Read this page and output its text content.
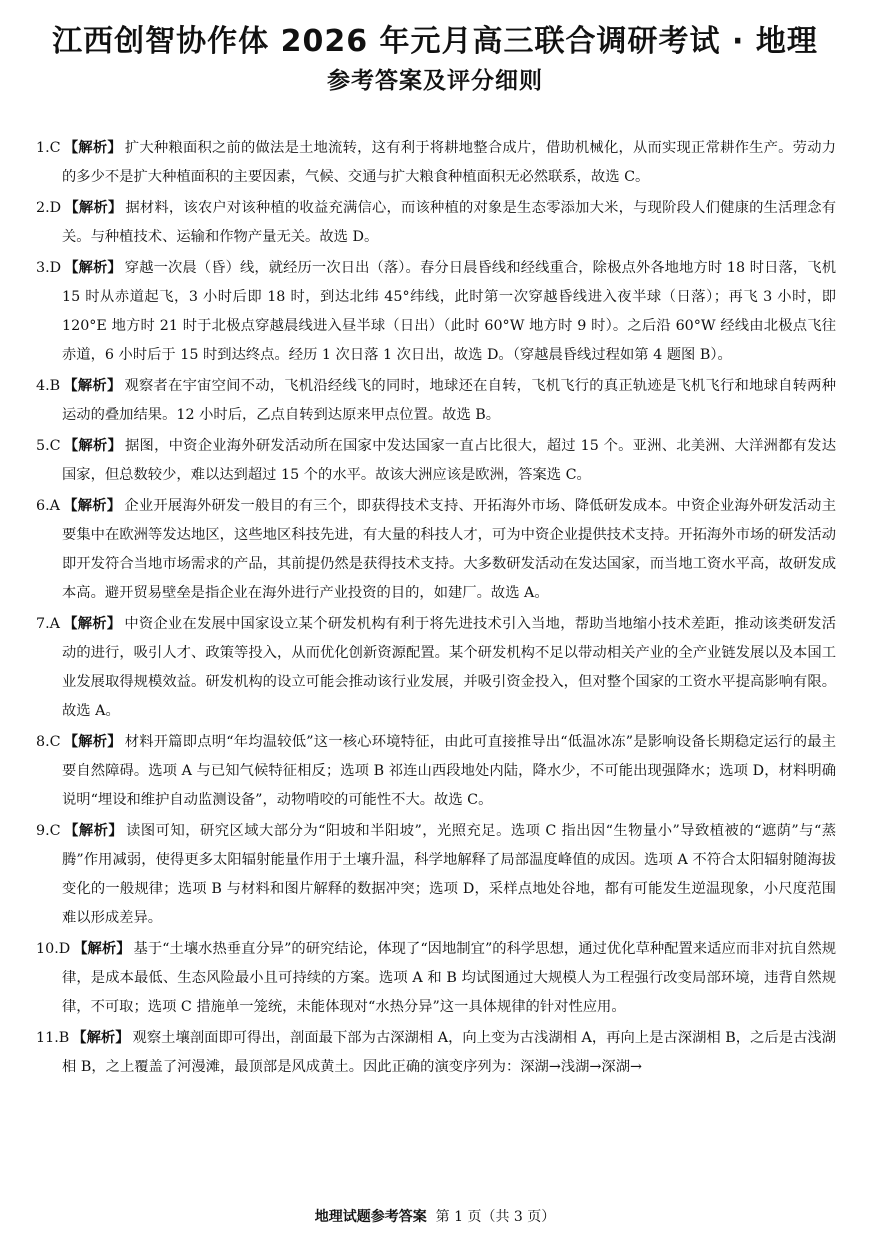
江西创智协作体 2026 年元月高三联合调研考试 · 地理
参考答案及评分细则
1.C 【解析】 扩大种粮面积之前的做法是土地流转，这有利于将耕地整合成片，借助机械化，从而实现正常耕作生产。劳动力的多少不是扩大种植面积的主要因素，气候、交通与扩大粮食种植面积无必然联系，故选 C。
2.D 【解析】 据材料，该农户对该种植的收益充满信心，而该种植的对象是生态零添加大米，与现阶段人们健康的生活理念有关。与种植技术、运输和作物产量无关。故选 D。
3.D 【解析】 穿越一次晨（昏）线，就经历一次日出（落）。春分日晨昏线和经线重合，除极点外各地地方时 18 时日落，飞机 15 时从赤道起飞，3 小时后即 18 时，到达北纬 45°纬线，此时第一次穿越昏线进入夜半球（日落）；再飞 3 小时，即 120°E 地方时 21 时于北极点穿越晨线进入昼半球（日出）（此时 60°W 地方时 9 时）。之后沿 60°W 经线由北极点飞往赤道，6 小时后于 15 时到达终点。经历 1 次日落 1 次日出，故选 D。（穿越晨昏线过程如第 4 题图 B）。
4.B 【解析】 观察者在宇宙空间不动，飞机沿经线飞的同时，地球还在自转，飞机飞行的真正轨迹是飞机飞行和地球自转两种运动的叠加结果。12 小时后，乙点自转到达原来甲点位置。故选 B。
5.C 【解析】 据图，中资企业海外研发活动所在国家中发达国家一直占比很大，超过 15 个。亚洲、北美洲、大洋洲都有发达国家，但总数较少，难以达到超过 15 个的水平。故该大洲应该是欧洲，答案选 C。
6.A 【解析】 企业开展海外研发一般目的有三个，即获得技术支持、开拓海外市场、降低研发成本。中资企业海外研发活动主要集中在欧洲等发达地区，这些地区科技先进，有大量的科技人才，可为中资企业提供技术支持。开拓海外市场的研发活动即开发符合当地市场需求的产品，其前提仍然是获得技术支持。大多数研发活动在发达国家，而当地工资水平高，故研发成本高。避开贸易壁垒是指企业在海外进行产业投资的目的，如建厂。故选 A。
7.A 【解析】 中资企业在发展中国家设立某个研发机构有利于将先进技术引入当地，帮助当地缩小技术差距，推动该类研发活动的进行，吸引人才、政策等投入，从而优化创新资源配置。某个研发机构不足以带动相关产业的全产业链发展以及本国工业发展取得规模效益。研发机构的设立可能会推动该行业发展，并吸引资金投入，但对整个国家的工资水平提高影响有限。故选 A。
8.C 【解析】 材料开篇即点明“年均温较低”这一核心环境特征，由此可直接推导出“低温冰冻”是影响设备长期稳定运行的最主要自然障碍。选项 A 与已知气候特征相反；选项 B 祁连山西段地处内陆，降水少，不可能出现强降水；选项 D，材料明确说明“埋设和维护自动监测设备”，动物啃咬的可能性不大。故选 C。
9.C 【解析】 读图可知，研究区域大部分为“阳坡和半阳坡”，光照充足。选项 C 指出因“生物量小”导致植被的“遮荫”与“蒸腾”作用减弱，使得更多太阳辐射能量作用于土壤升温，科学地解释了局部温度峰值的成因。选项 A 不符合太阳辐射随海拔变化的一般规律；选项 B 与材料和图片解释的数据冲突；选项 D，采样点地处谷地，都有可能发生逆温现象，小尺度范围难以形成差异。
10.D 【解析】 基于“土壤水热垂直分异”的研究结论，体现了“因地制宜”的科学思想，通过优化草种配置来适应而非对抗自然规律，是成本最低、生态风险最小且可持续的方案。选项 A 和 B 均试图通过大规模人为工程强行改变局部环境，违背自然规律，不可取；选项 C 措施单一笼统，未能体现对“水热分异”这一具体规律的针对性应用。
11.B 【解析】 观察土壤剖面即可得出，剖面最下部为古深湖相 A，向上变为古浅湖相 A，再向上是古深湖相 B，之后是古浅湖相 B，之上覆盖了河漫滩，最顶部是风成黄土。因此正确的演变序列为：深湖→浅湖→深湖→
地理试题参考答案 第 1 页（共 3 页）
